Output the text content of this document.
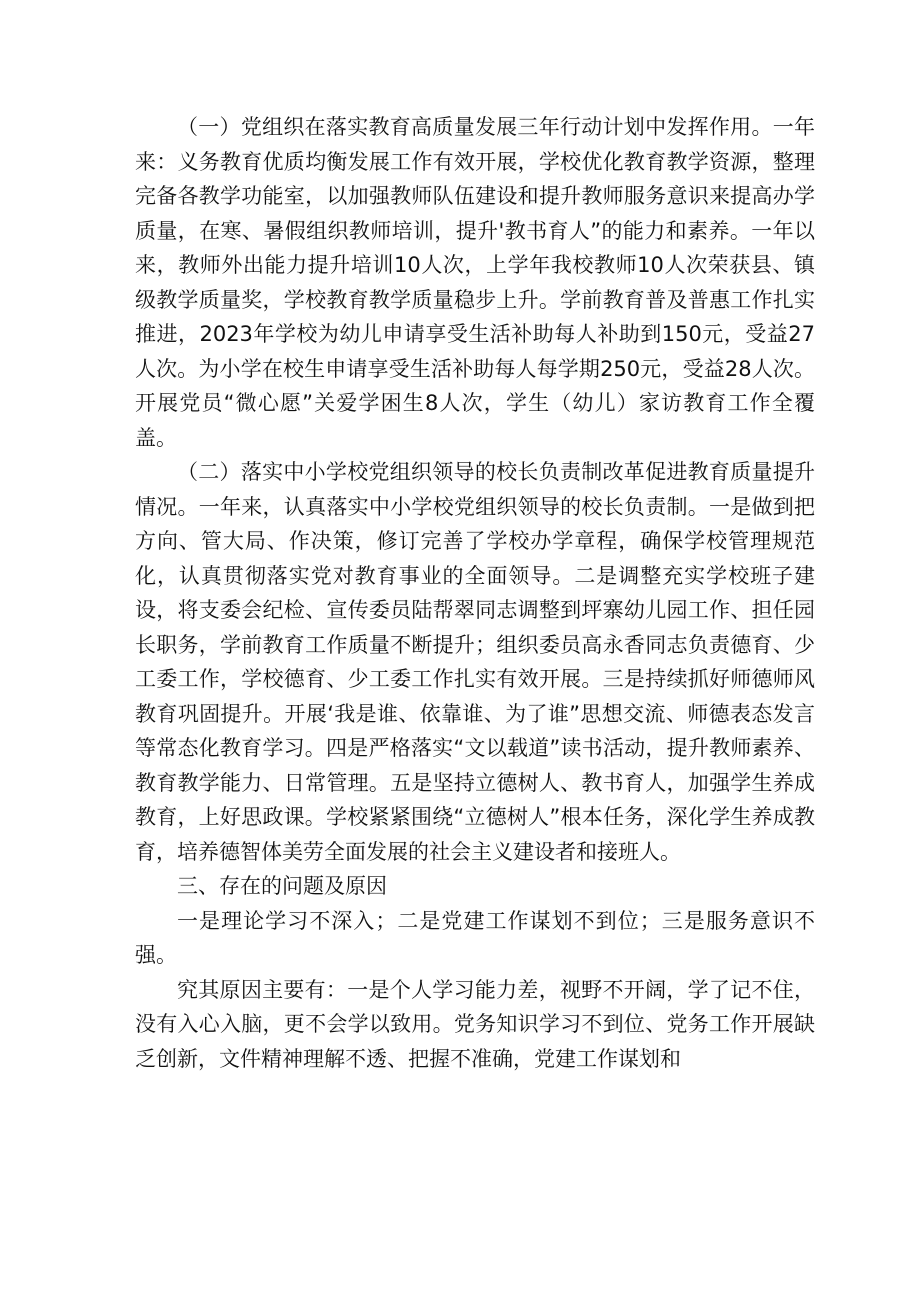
（一）党组织在落实教育高质量发展三年行动计划中发挥作用。一年来：义务教育优质均衡发展工作有效开展，学校优化教育教学资源，整理完备各教学功能室，以加强教师队伍建设和提升教师服务意识来提高办学质量，在寒、暑假组织教师培训，提升'教书育人”的能力和素养。一年以来，教师外出能力提升培训10人次，上学年我校教师10人次荣获县、镇级教学质量奖，学校教育教学质量稳步上升。学前教育普及普惠工作扎实推进，2023年学校为幼儿申请享受生活补助每人补助到150元，受益27人次。为小学在校生申请享受生活补助每人每学期250元，受益28人次。开展党员“微心愿”关爱学困生8人次，学生（幼儿）家访教育工作全覆盖。

（二）落实中小学校党组织领导的校长负责制改革促进教育质量提升情况。一年来，认真落实中小学校党组织领导的校长负责制。一是做到把方向、管大局、作决策，修订完善了学校办学章程，确保学校管理规范化，认真贯彻落实党对教育事业的全面领导。二是调整充实学校班子建设，将支委会纪检、宣传委员陆帮翠同志调整到坪寨幼儿园工作、担任园长职务，学前教育工作质量不断提升；组织委员高永香同志负责德育、少工委工作，学校德育、少工委工作扎实有效开展。三是持续抓好师德师风教育巩固提升。开展‘我是谁、依靠谁、为了谁”思想交流、师德表态发言等常态化教育学习。四是严格落实“文以载道”读书活动，提升教师素养、教育教学能力、日常管理。五是坚持立德树人、教书育人，加强学生养成教育，上好思政课。学校紧紧围绕“立德树人”根本任务，深化学生养成教育，培养德智体美劳全面发展的社会主义建设者和接班人。

三、存在的问题及原因

一是理论学习不深入；二是党建工作谋划不到位；三是服务意识不强。

究其原因主要有：一是个人学习能力差，视野不开阔，学了记不住，没有入心入脑，更不会学以致用。党务知识学习不到位、党务工作开展缺乏创新，文件精神理解不透、把握不准确，党建工作谋划和
